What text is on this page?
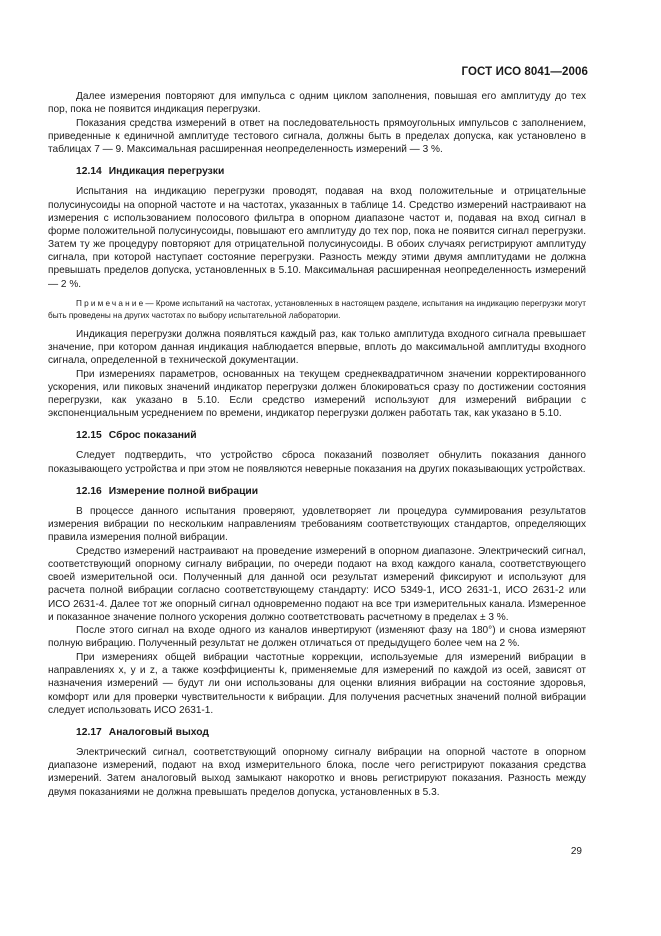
ГОСТ ИСО 8041—2006

Далее измерения повторяют для импульса с одним циклом заполнения, повышая его амплитуду до тех пор, пока не появится индикация перегрузки.

Показания средства измерений в ответ на последовательность прямоугольных импульсов с заполнением, приведенные к единичной амплитуде тестового сигнала, должны быть в пределах допуска, как установлено в таблицах 7 — 9. Максимальная расширенная неопределенность измерений — 3 %.

12.14 Индикация перегрузки

Испытания на индикацию перегрузки проводят, подавая на вход положительные и отрицательные полусинусоиды на опорной частоте и на частотах, указанных в таблице 14. Средство измерений настраивают на измерения с использованием полосового фильтра в опорном диапазоне частот и, подавая на вход сигнал в форме положительной полусинусоиды, повышают его амплитуду до тех пор, пока не появится сигнал перегрузки. Затем ту же процедуру повторяют для отрицательной полусинусоиды. В обоих случаях регистрируют амплитуду сигнала, при которой наступает состояние перегрузки. Разность между этими двумя амплитудами не должна превышать пределов допуска, установленных в 5.10. Максимальная расширенная неопределенность измерений — 2 %.

Примечание— Кроме испытаний на частотах, установленных в настоящем разделе, испытания на индикацию перегрузки могут быть проведены на других частотах по выбору испытательной лаборатории.

Индикация перегрузки должна появляться каждый раз, как только амплитуда входного сигнала превышает значение, при котором данная индикация наблюдается впервые, вплоть до максимальной амплитуды входного сигнала, определенной в технической документации.

При измерениях параметров, основанных на текущем среднеквадратичном значении корректированного ускорения, или пиковых значений индикатор перегрузки должен блокироваться сразу по достижении состояния перегрузки, как указано в 5.10. Если средство измерений используют для измерений вибрации с экспоненциальным усреднением по времени, индикатор перегрузки должен работать так, как указано в 5.10.

12.15 Сброс показаний

Следует подтвердить, что устройство сброса показаний позволяет обнулить показания данного показывающего устройства и при этом не появляются неверные показания на других показывающих устройствах.

12.16 Измерение полной вибрации

В процессе данного испытания проверяют, удовлетворяет ли процедура суммирования результатов измерения вибрации по нескольким направлениям требованиям соответствующих стандартов, определяющих правила измерения полной вибрации.

Средство измерений настраивают на проведение измерений в опорном диапазоне. Электрический сигнал, соответствующий опорному сигналу вибрации, по очереди подают на вход каждого канала, соответствующего своей измерительной оси. Полученный для данной оси результат измерений фиксируют и используют для расчета полной вибрации согласно соответствующему стандарту: ИСО 5349-1, ИСО 2631-1, ИСО 2631-2 или ИСО 2631-4. Далее тот же опорный сигнал одновременно подают на все три измерительных канала. Измеренное и показанное значение полного ускорения должно соответствовать расчетному в пределах ± 3 %.

После этого сигнал на входе одного из каналов инвертируют (изменяют фазу на 180°) и снова измеряют полную вибрацию. Полученный результат не должен отличаться от предыдущего более чем на 2 %.

При измерениях общей вибрации частотные коррекции, используемые для измерений вибрации в направлениях x, y и z, а также коэффициенты k, применяемые для измерений по каждой из осей, зависят от назначения измерений — будут ли они использованы для оценки влияния вибрации на состояние здоровья, комфорт или для проверки чувствительности к вибрации. Для получения расчетных значений полной вибрации следует использовать ИСО 2631-1.

12.17 Аналоговый выход

Электрический сигнал, соответствующий опорному сигналу вибрации на опорной частоте в опорном диапазоне измерений, подают на вход измерительного блока, после чего регистрируют показания средства измерений. Затем аналоговый выход замыкают накоротко и вновь регистрируют показания. Разность между двумя показаниями не должна превышать пределов допуска, установленных в 5.3.

29
